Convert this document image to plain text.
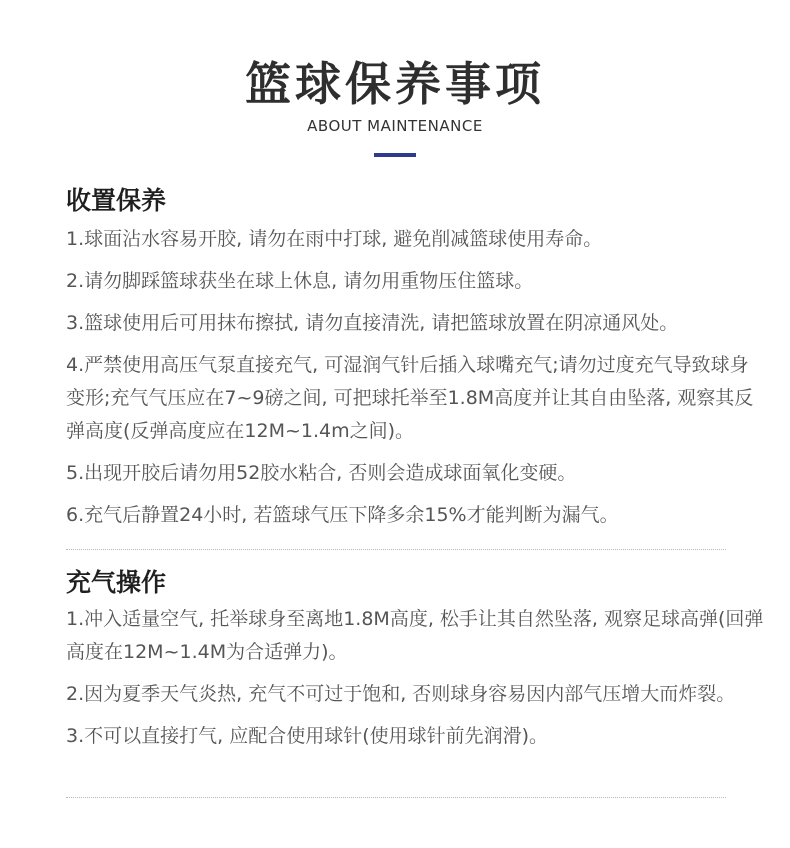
篮球保养事项
ABOUT MAINTENANCE
收置保养
1.球面沾水容易开胶, 请勿在雨中打球, 避免削减篮球使用寿命。
2.请勿脚踩篮球获坐在球上休息, 请勿用重物压住篮球。
3.篮球使用后可用抹布擦拭, 请勿直接清洗, 请把篮球放置在阴凉通风处。
4.严禁使用高压气泵直接充气, 可湿润气针后插入球嘴充气;请勿过度充气导致球身变形;充气气压应在7~9磅之间, 可把球托举至1.8M高度并让其自由坠落, 观察其反弹高度(反弹高度应在12M~1.4m之间)。
5.出现开胶后请勿用52胶水粘合, 否则会造成球面氧化变硬。
6.充气后静置24小时, 若篮球气压下降多余15%才能判断为漏气。
充气操作
1.冲入适量空气, 托举球身至离地1.8M高度, 松手让其自然坠落, 观察足球高弹(回弹高度在12M~1.4M为合适弹力)。
2.因为夏季天气炎热, 充气不可过于饱和, 否则球身容易因内部气压增大而炸裂。
3.不可以直接打气, 应配合使用球针(使用球针前先润滑)。
